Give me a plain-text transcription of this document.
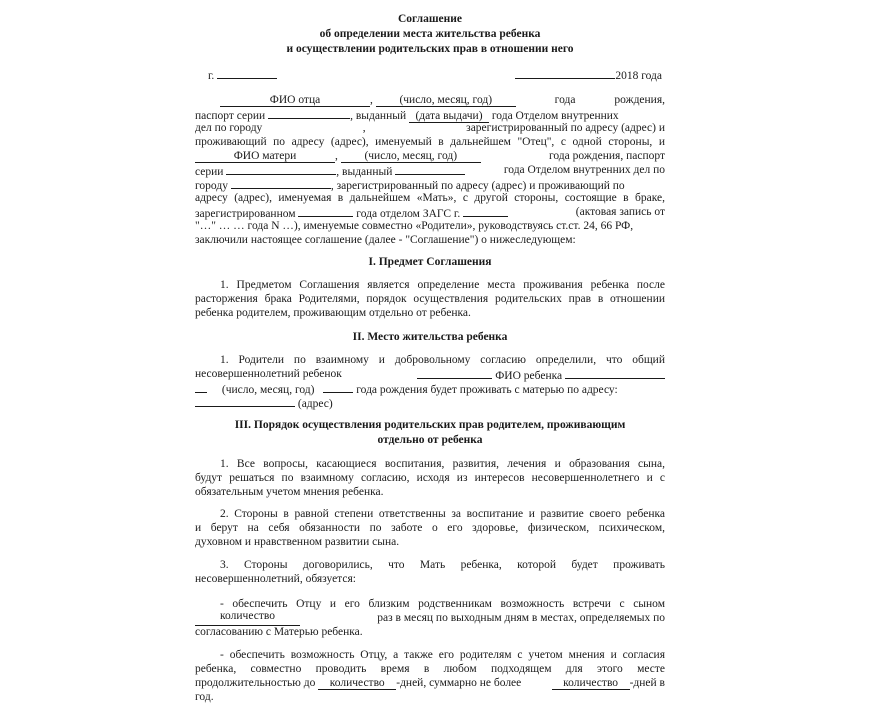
Соглашение
об определении места жительства ребенка
и осуществлении родительских прав в отношении него
г.	2018 года
ФИО отца	, (число, месяц, год)	года	рождения,
паспорт серии	, выданный (дата выдачи) года Отделом внутренних
дел по городу	,	зарегистрированный по адресу (адрес) и
проживающий по адресу (адрес), именуемый в дальнейшем "Отец", с одной стороны, и
ФИО матери	, (число, месяц, год)	года рождения, паспорт
серии	, выданный	года Отделом внутренних дел по
городу	, зарегистрированный по адресу (адрес) и проживающий по
адресу (адрес), именуемая в дальнейшем «Мать», с другой стороны, состоящие в браке,
зарегистрированном	года отделом ЗАГС г.	(актовая запись от
"…" … … года N …), именуемые совместно «Родители», руководствуясь ст.ст. 24, 66 РФ,
заключили настоящее соглашение (далее - "Соглашение") о нижеследующем:
I. Предмет Соглашения
1. Предметом Соглашения является определение места проживания ребенка после
расторжения брака Родителями, порядок осуществления родительских прав в отношении
ребенка родителем, проживающим отдельно от ребенка.
II. Место жительства ребенка
1. Родители по взаимному и добровольному согласию определили, что общий
несовершеннолетний ребенок	ФИО ребенка
(число, месяц, год)	года рождения будет проживать с матерью по адресу:
(адрес)
III. Порядок осуществления родительских прав родителем, проживающим
отдельно от ребенка
1. Все вопросы, касающиеся воспитания, развития, лечения и образования сына,
будут решаться по взаимному согласию, исходя из интересов несовершеннолетнего и с
обязательным учетом мнения ребенка.
2. Стороны в равной степени ответственны за воспитание и развитие своего ребенка
и берут на себя обязанности по заботе о его здоровье, физическом, психическом,
духовном и нравственном развитии сына.
3. Стороны договорились, что Мать ребенка, которой будет проживать
несовершеннолетний, обязуется:
- обеспечить Отцу и его близким родственникам возможность встречи с сыном
количество	раз в месяц по выходным дням в местах, определяемых по
согласованию с Матерью ребенка.
- обеспечить возможность Отцу, а также его родителям с учетом мнения и согласия
ребенка, совместно проводить время в любом подходящем для этого месте
продолжительностью до количество -дней, суммарно не более	количество -дней в
год.
